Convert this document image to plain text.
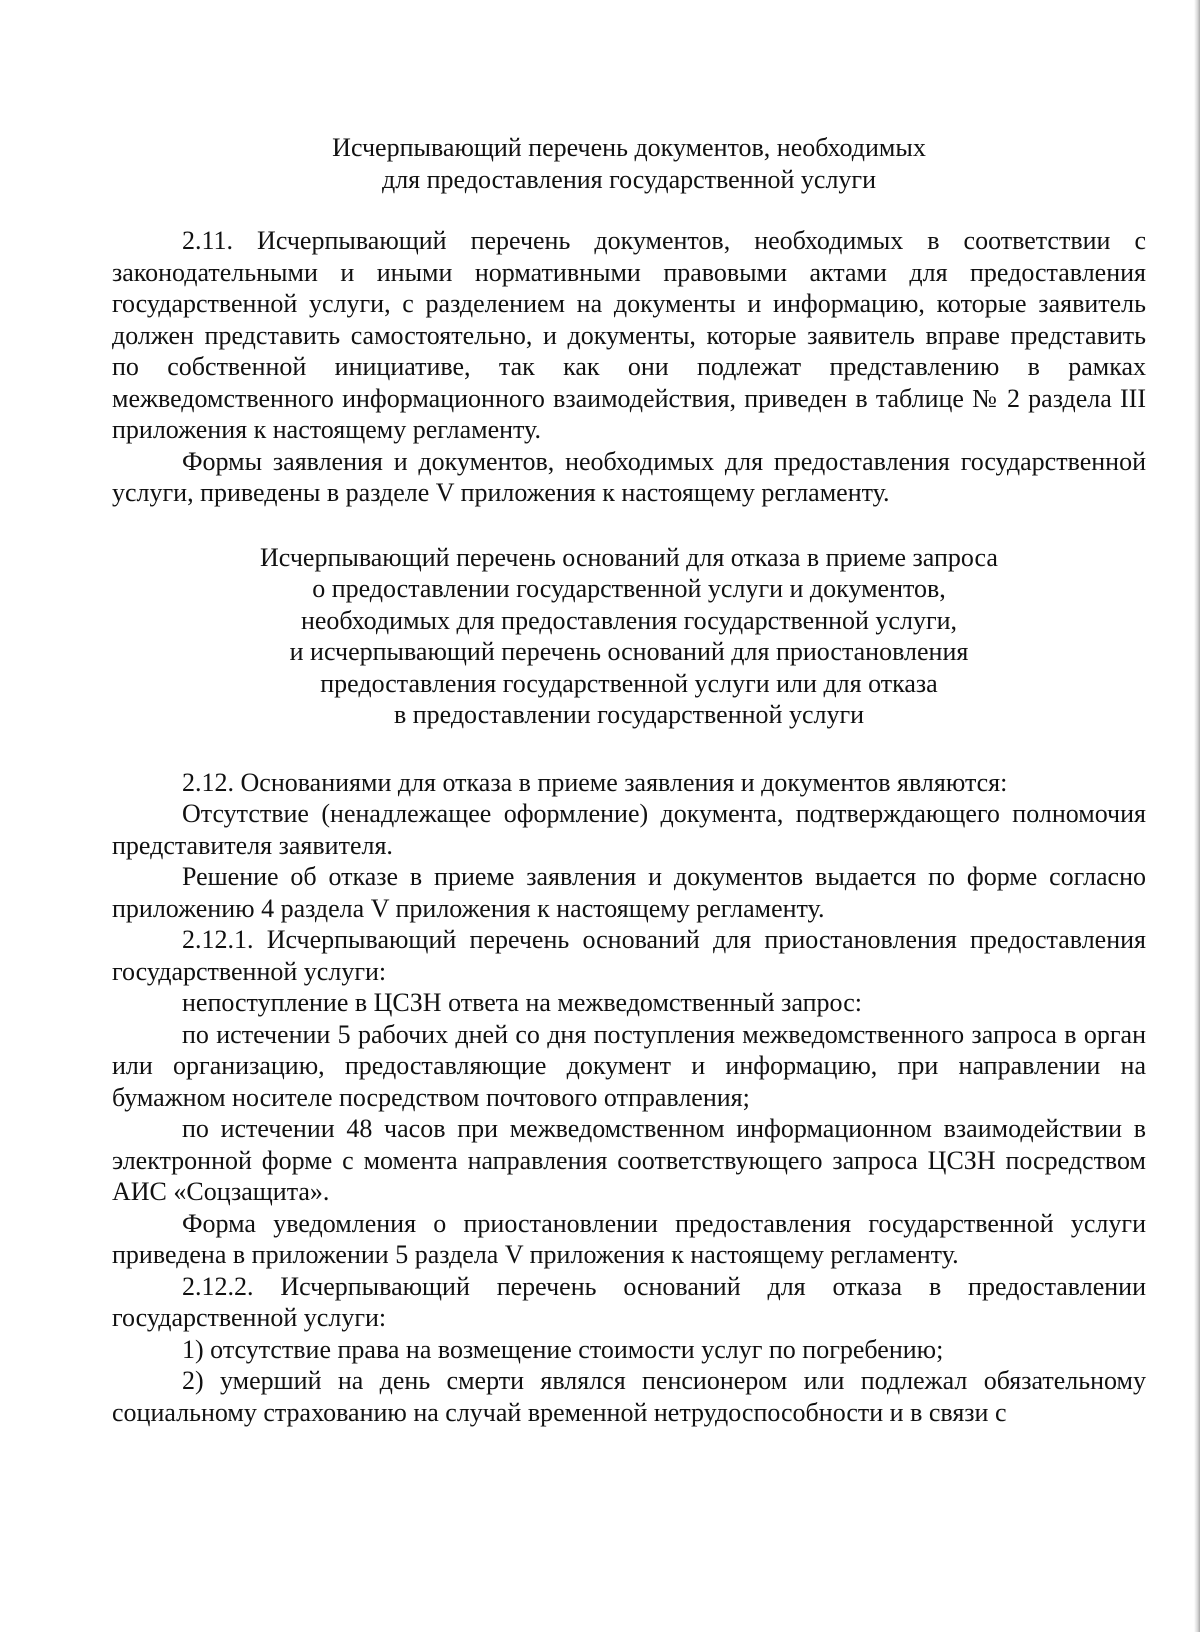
Исчерпывающий перечень документов, необходимых
для предоставления государственной услуги

2.11. Исчерпывающий перечень документов, необходимых в соответствии с законодательными и иными нормативными правовыми актами для предоставления государственной услуги, с разделением на документы и информацию, которые заявитель должен представить самостоятельно, и документы, которые заявитель вправе представить по собственной инициативе, так как они подлежат представлению в рамках межведомственного информационного взаимодействия, приведен в таблице № 2 раздела III приложения к настоящему регламенту.

Формы заявления и документов, необходимых для предоставления государственной услуги, приведены в разделе V приложения к настоящему регламенту.

Исчерпывающий перечень оснований для отказа в приеме запроса
о предоставлении государственной услуги и документов,
необходимых для предоставления государственной услуги,
и исчерпывающий перечень оснований для приостановления
предоставления государственной услуги или для отказа
в предоставлении государственной услуги

2.12. Основаниями для отказа в приеме заявления и документов являются:

Отсутствие (ненадлежащее оформление) документа, подтверждающего полномочия представителя заявителя.

Решение об отказе в приеме заявления и документов выдается по форме согласно приложению 4 раздела V приложения к настоящему регламенту.

2.12.1. Исчерпывающий перечень оснований для приостановления предоставления государственной услуги:

непоступление в ЦСЗН ответа на межведомственный запрос:

по истечении 5 рабочих дней со дня поступления межведомственного запроса в орган или организацию, предоставляющие документ и информацию, при направлении на бумажном носителе посредством почтового отправления;

по истечении 48 часов при межведомственном информационном взаимодействии в электронной форме с момента направления соответствующего запроса ЦСЗН посредством АИС «Соцзащита».

Форма уведомления о приостановлении предоставления государственной услуги приведена в приложении 5 раздела V приложения к настоящему регламенту.

2.12.2. Исчерпывающий перечень оснований для отказа в предоставлении государственной услуги:

1) отсутствие права на возмещение стоимости услуг по погребению;

2) умерший на день смерти являлся пенсионером или подлежал обязательному социальному страхованию на случай временной нетрудоспособности и в связи с
